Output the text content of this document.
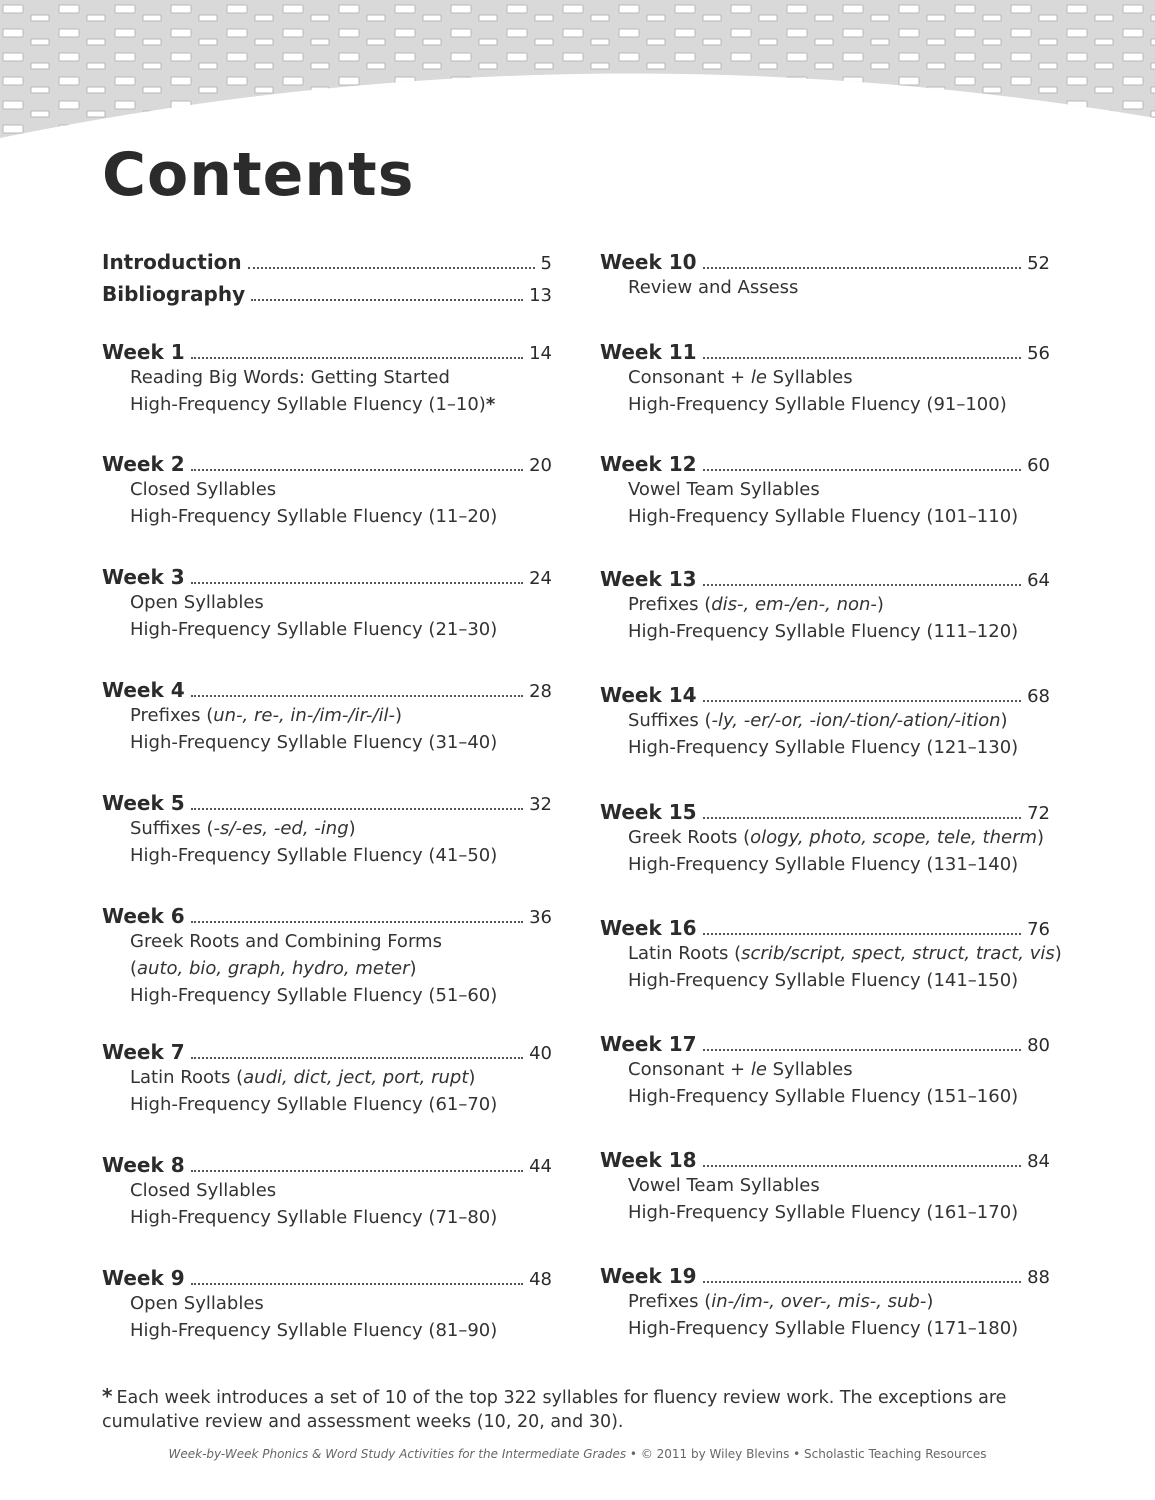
Contents
Introduction	5
Bibliography	13
Week 1	14
Reading Big Words: Getting Started
High-Frequency Syllable Fluency (1–10)*
Week 2	20
Closed Syllables
High-Frequency Syllable Fluency (11–20)
Week 3	24
Open Syllables
High-Frequency Syllable Fluency (21–30)
Week 4	28
Prefixes (un-, re-, in-/im-/ir-/il-)
High-Frequency Syllable Fluency (31–40)
Week 5	32
Suffixes (-s/-es, -ed, -ing)
High-Frequency Syllable Fluency (41–50)
Week 6	36
Greek Roots and Combining Forms
(auto, bio, graph, hydro, meter)
High-Frequency Syllable Fluency (51–60)
Week 7	40
Latin Roots (audi, dict, ject, port, rupt)
High-Frequency Syllable Fluency (61–70)
Week 8	44
Closed Syllables
High-Frequency Syllable Fluency (71–80)
Week 9	48
Open Syllables
High-Frequency Syllable Fluency (81–90)
Week 10	52
Review and Assess
Week 11	56
Consonant + le Syllables
High-Frequency Syllable Fluency (91–100)
Week 12	60
Vowel Team Syllables
High-Frequency Syllable Fluency (101–110)
Week 13	64
Prefixes (dis-, em-/en-, non-)
High-Frequency Syllable Fluency (111–120)
Week 14	68
Suffixes (-ly, -er/-or, -ion/-tion/-ation/-ition)
High-Frequency Syllable Fluency (121–130)
Week 15	72
Greek Roots (ology, photo, scope, tele, therm)
High-Frequency Syllable Fluency (131–140)
Week 16	76
Latin Roots (scrib/script, spect, struct, tract, vis)
High-Frequency Syllable Fluency (141–150)
Week 17	80
Consonant + le Syllables
High-Frequency Syllable Fluency (151–160)
Week 18	84
Vowel Team Syllables
High-Frequency Syllable Fluency (161–170)
Week 19	88
Prefixes (in-/im-, over-, mis-, sub-)
High-Frequency Syllable Fluency (171–180)
* Each week introduces a set of 10 of the top 322 syllables for fluency review work. The exceptions are cumulative review and assessment weeks (10, 20, and 30).
Week-by-Week Phonics & Word Study Activities for the Intermediate Grades • © 2011 by Wiley Blevins • Scholastic Teaching Resources
